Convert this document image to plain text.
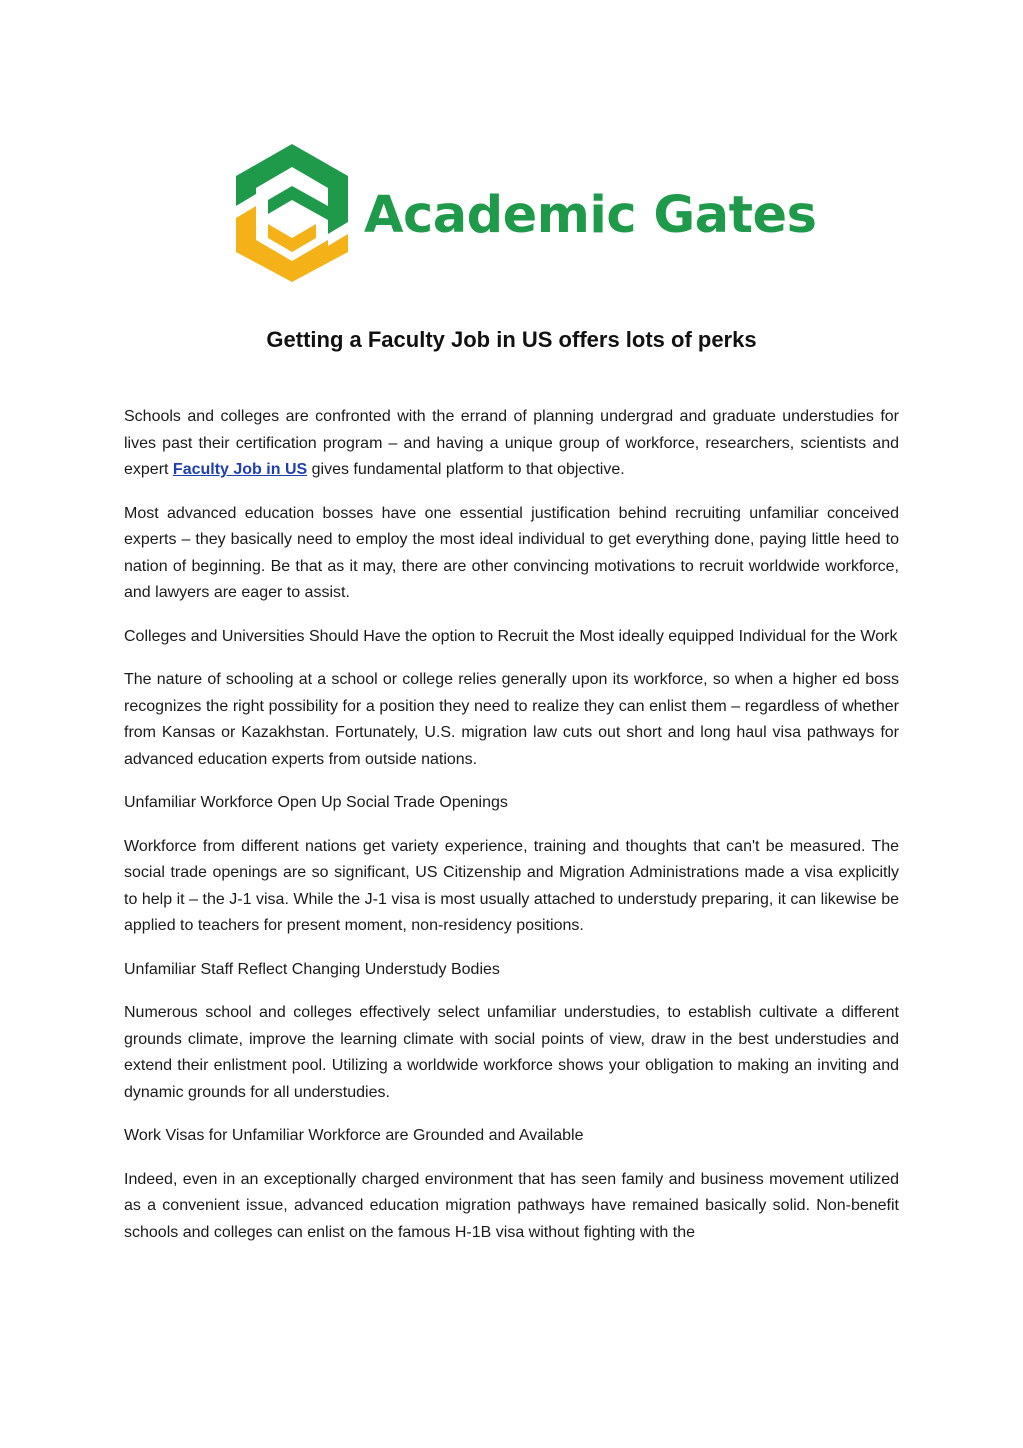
Academic Gates
Getting a Faculty Job in US offers lots of perks

Schools and colleges are confronted with the errand of planning undergrad and graduate understudies for lives past their certification program – and having a unique group of workforce, researchers, scientists and expert Faculty Job in US gives fundamental platform to that objective.

Most advanced education bosses have one essential justification behind recruiting unfamiliar conceived experts – they basically need to employ the most ideal individual to get everything done, paying little heed to nation of beginning. Be that as it may, there are other convincing motivations to recruit worldwide workforce, and lawyers are eager to assist.

Colleges and Universities Should Have the option to Recruit the Most ideally equipped Individual for the Work

The nature of schooling at a school or college relies generally upon its workforce, so when a higher ed boss recognizes the right possibility for a position they need to realize they can enlist them – regardless of whether from Kansas or Kazakhstan. Fortunately, U.S. migration law cuts out short and long haul visa pathways for advanced education experts from outside nations.

Unfamiliar Workforce Open Up Social Trade Openings

Workforce from different nations get variety experience, training and thoughts that can't be measured. The social trade openings are so significant, US Citizenship and Migration Administrations made a visa explicitly to help it – the J-1 visa. While the J-1 visa is most usually attached to understudy preparing, it can likewise be applied to teachers for present moment, non-residency positions.

Unfamiliar Staff Reflect Changing Understudy Bodies

Numerous school and colleges effectively select unfamiliar understudies, to establish cultivate a different grounds climate, improve the learning climate with social points of view, draw in the best understudies and extend their enlistment pool. Utilizing a worldwide workforce shows your obligation to making an inviting and dynamic grounds for all understudies.

Work Visas for Unfamiliar Workforce are Grounded and Available

Indeed, even in an exceptionally charged environment that has seen family and business movement utilized as a convenient issue, advanced education migration pathways have remained basically solid. Non-benefit schools and colleges can enlist on the famous H-1B visa without fighting with the
